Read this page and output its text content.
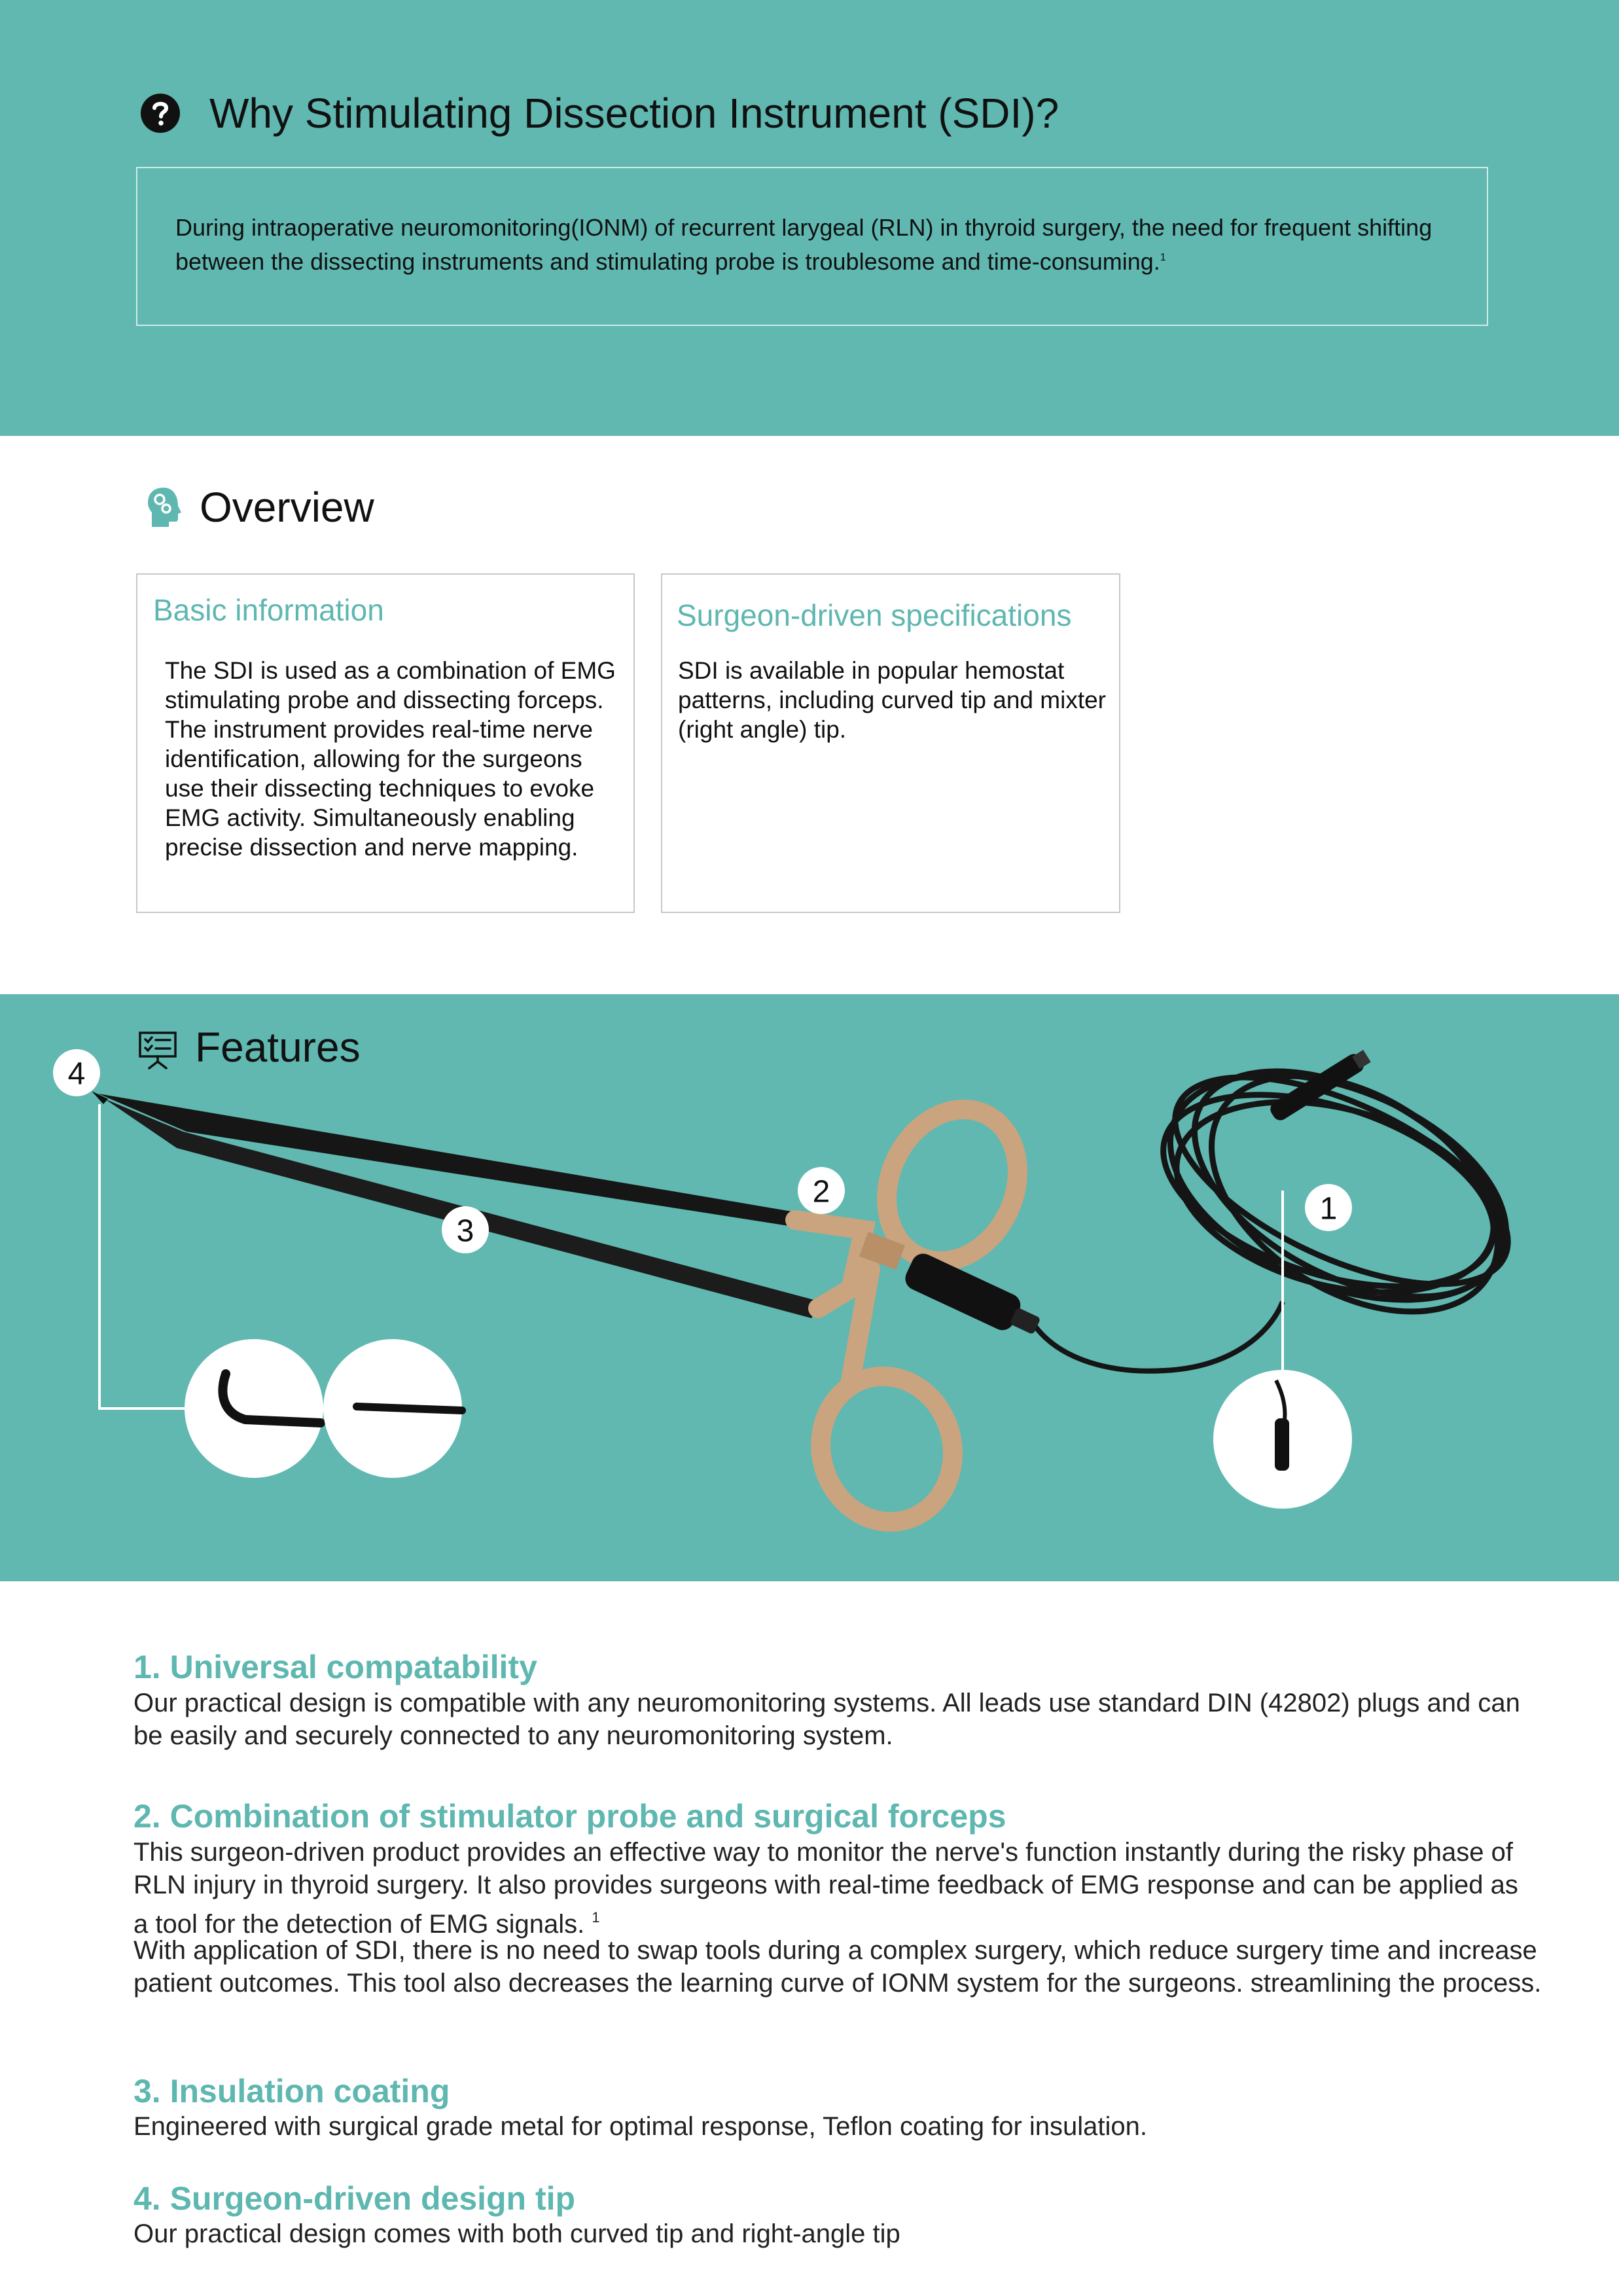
Why Stimulating Dissection Instrument (SDI)?
During intraoperative neuromonitoring(IONM) of recurrent larygeal (RLN) in thyroid surgery, the need for frequent shifting between the dissecting instruments and stimulating probe is troublesome and time-consuming.$^1$
Overview
Basic information
The SDI is used as a combination of EMG stimulating probe and dissecting forceps. The instrument provides real-time nerve identification, allowing for the surgeons use their dissecting techniques to evoke EMG activity. Simultaneously enabling precise dissection and nerve mapping.
Surgeon-driven specifications
SDI is available in popular hemostat patterns, including curved tip and mixter (right angle) tip.
1
2
3
4
Features
1. Universal compatability
Our practical design is compatible with any neuromonitoring systems. All leads use standard DIN (42802) plugs and can be easily and securely connected to any neuromonitoring system.
2. Combination of stimulator probe and surgical forceps
This surgeon-driven product provides an effective way to monitor the nerve's function instantly during the risky phase of RLN injury in thyroid surgery. It also provides surgeons with real-time feedback of EMG response and can be applied as a tool for the detection of EMG signals. $^1$
With application of SDI, there is no need to swap tools during a complex surgery, which reduce surgery time and increase patient outcomes. This tool also decreases the learning curve of IONM system for the surgeons. streamlining the process.
3. Insulation coating
Engineered with surgical grade metal for optimal response, Teflon coating for insulation.
4. Surgeon-driven design tip
Our practical design comes with both curved tip and right-angle tip
